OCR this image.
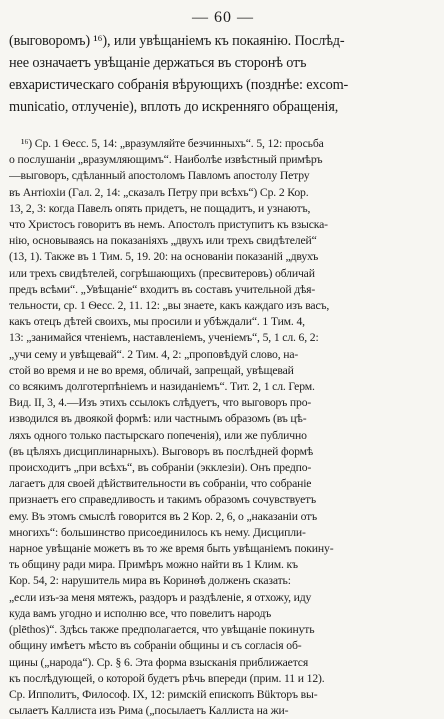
— 60 —
(выговоромъ) ¹⁶), или увѣщаніемъ къ покаянію. Послѣд-
нее означаетъ увѣщаніе держаться въ сторонѣ отъ
евхаристическаго собранія вѣрующихъ (позднѣе: excom-
municatio, отлученіе), вплоть до искренняго обращенія,
¹⁶) Ср. 1 Ѳесс. 5, 14: „вразумляйте безчинныхъ“. 5, 12: просьба
о послушаніи „вразумляющимъ“. Наиболѣе извѣстный примѣръ
—выговоръ, сдѣланный апостоломъ Павломъ апостолу Петру
въ Антіохіи (Гал. 2, 14: „сказалъ Петру при всѣхъ“) Ср. 2 Кор.
13, 2, 3: когда Павелъ опять придетъ, не пощадитъ, и узнаютъ,
что Христосъ говоритъ въ немъ. Апостолъ приступитъ къ взыска-
нію, основываясь на показаніяхъ „двухъ или трехъ свидѣтелей“
(13, 1). Также въ 1 Тим. 5, 19. 20: на основаніи показаній „двухъ
или трехъ свидѣтелей, согрѣшающихъ (пресвитеровъ) обличай
предъ всѣми“. „Увѣщаніе“ входитъ въ составъ учительной дѣя-
тельности, ср. 1 Ѳесс. 2, 11. 12: „вы знаете, какъ каждаго изъ васъ,
какъ отецъ дѣтей своихъ, мы просили и убѣждали“. 1 Тим. 4,
13: „занимайся чтеніемъ, наставленіемъ, ученіемъ“, 5, 1 сл. 6, 2:
„учи сему и увѣщевай“. 2 Тим. 4, 2: „проповѣдуй слово, на-
стой во время и не во время, обличай, запрещай, увѣщевай
со всякимъ долготерпѣніемъ и назиданіемъ“. Тит. 2, 1 сл. Герм.
Вид. II, 3, 4.—Изъ этихъ ссылокъ слѣдуетъ, что выговоръ про-
изводился въ двоякой формѣ: или частнымъ образомъ (въ цѣ-
ляхъ одного только пастырскаго попеченія), или же публично
(въ цѣляхъ дисциплинарныхъ). Выговоръ въ послѣдней формѣ
происходитъ „при всѣхъ“, въ собраніи (экклезіи). Онъ предпо-
лагаетъ для своей дѣйствительности въ собраніи, что собраніе
признаетъ его справедливость и такимъ образомъ сочувствуетъ
ему. Въ этомъ смыслѣ говорится въ 2 Кор. 2, 6, о „наказаніи отъ
многихъ“: большинство присоединилось къ нему. Дисципли-
нарное увѣщаніе можетъ въ то же время быть увѣщаніемъ покину-
ть общину ради мира. Примѣръ можно найти въ 1 Клим. къ
Кор. 54, 2: нарушитель мира въ Коринѳѣ долженъ сказать:
„если изъ-за меня мятежъ, раздоръ и раздѣленіе, я отхожу, иду
куда вамъ угодно и исполню все, что повелитъ народъ
(plēthos)“. Здѣсь также предполагается, что увѣщаніе покинуть
общину имѣетъ мѣсто въ собраніи общины и съ согласія об-
щины („народа“). Ср. § 6. Эта форма взысканія приближается
къ послѣдующей, о которой будетъ рѣчь впереди (прим. 11 и 12).
Ср. Ипполитъ, Философ. IX, 12: римскій епископъ Вükторъ вы-
сылаетъ Каллиста изъ Рима („посылаетъ Каллиста на жи-
